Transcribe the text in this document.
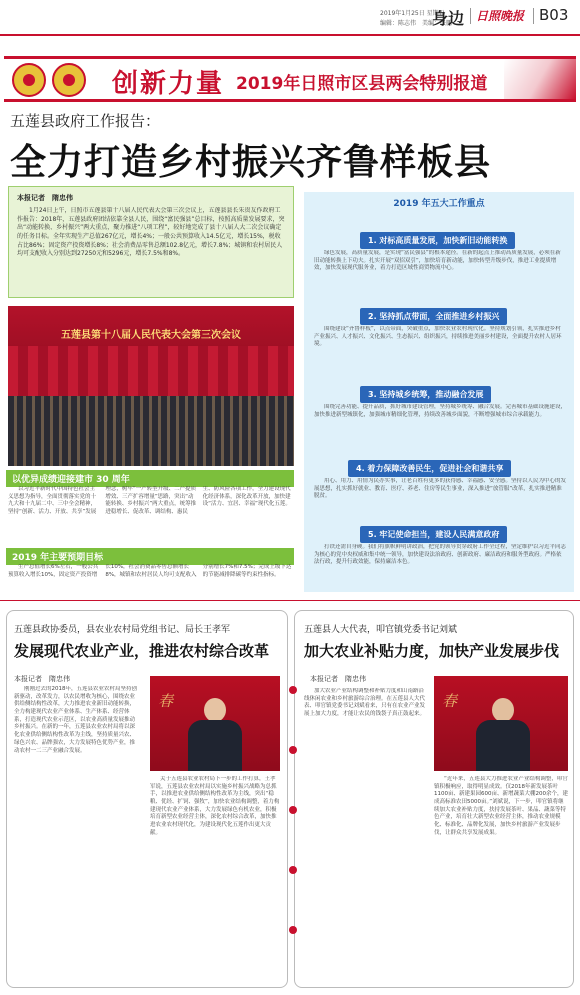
2019年1月25日 星期五
编辑：陈志伟　美编：张鹏
身边 日照晚报 B03
创新力量 2019年日照市区县两会特别报道
五莲县政府工作报告：
全力打造乡村振兴齐鲁样板县
本报记者　隋忠伟
1月24日上午，日照市五莲县第十八届人民代表大会第三次会议上，五莲县县长朱贵友作政府工作报告：2018年，五莲县政府团结依靠全县人民，围绕“富民强县”总目标，按照高质量发展要求，突出“动能转换、乡村振兴”两大重点，聚力推进“八项工程”，较好地完成了县十八届人大二次会议确定的任务目标。全年实现生产总值267亿元，增长4%；一般公共预算收入14.5亿元，增长15%，税收占比86%；固定资产投资增长8%；社会消费品零售总额102.8亿元，增长7.8%；城镇和农村居民人均可支配收入分别达到27250元和5296元，增长7.5%和8%。
五莲县第十八届人民代表大会第三次会议
以优异成绩迎接建市 30 周年
以习近平新时代中国特色社会主义思想为指导，全面贯彻落实党的十九大和十九届二中、三中全会精神，坚持“创新、活力、开放、共享”发展理念，树牢“一产转型升级、二产提质增效、三产扩容增量”思路，突出“动能转换、乡村振兴”两大重点，统筹推进稳增长、促改革、调结构、惠民生、防风险各项工作，全力建设现代化经济体系，深化改革开放，加快建设“活力、宜居、幸福”现代化五莲。
2019 年主要预期目标
生产总值增长6%左右，一般公共预算收入增长10%，固定资产投资增长10%，社会消费品零售总额增长8%，城镇和农村居民人均可支配收入分别增长7%和7.5%；完成上级下达的节能减排降碳等约束性指标。
2019 年五大工作重点
1. 对标高质量发展，加快新旧动能转换
绿色发展，高质量发展，是实现“富民强县”的根本途径。在新的起点上推动高质量发展，必须在新旧动能转换上下功夫。扎实开展“双招双引”，加快培育新动能，加快转型升级步伐，推进工业提质增效，加快发展现代服务业，着力打造区域性商贸物流中心。
2. 坚持抓点带面，全面推进乡村振兴
围绕建设“齐鲁样板”，以点带面，突破重点，加快农业农村现代化。坚持规划引领，扎实推进乡村产业振兴、人才振兴、文化振兴、生态振兴、组织振兴，持续推进美丽乡村建设，全面提升农村人居环境。
3. 坚持城乡统筹，推动融合发展
围绕完善功能、提升品质，抓好城市建设管理，坚持城乡统筹、融合发展。完善城市基础设施建设，加快推进新型城镇化，加强城市精细化管理，持续改善城乡面貌，不断增强城市综合承载能力。
4. 着力保障改善民生，促进社会和谐共享
用心、用力、用情为民办实事，让老百姓有更多的获得感、幸福感、安全感。坚持以人民为中心的发展思想，扎实抓好就业、教育、医疗、养老、住房等民生事业，深入推进“放管服”改革，扎实推进精准脱贫。
5. 牢记使命担当，建设人民满意政府
打铁还需自身硬。我们将旗帜鲜明讲政治，把党的领导贯穿政府工作全过程，坚定维护以习近平同志为核心的党中央权威和集中统一领导，加快建设法治政府、创新政府、廉洁政府和服务型政府。严格依法行政，提升行政效能，保持廉洁本色。
五莲县政协委员，县农业农村局党组书记、局长王孝军
发展现代农业产业，推进农村综合改革
本报记者　隋忠伟
刚刚过去的2018年，五莲县农业农村局坚持创新驱动，改革发力，以农民增收为核心，围绕农业供给侧结构性改革，大力推进农业新旧动能转换，全力构建现代农业产业体系、生产体系、经营体系，打造现代农业示范区，以农业高质量发展推动乡村振兴。在新的一年，五莲县农业农村局将以深化农业供给侧结构性改革为主线，坚持质量兴农、绿色兴农、品牌强农，大力发展特色优势产业，推动农村一二三产业融合发展。
春
关于五莲县农业农村局下一步的工作打算，王孝军说，五莲县农业农村局以实施乡村振兴战略为总抓手，以推进农业供给侧结构性改革为主线，突出“稳粮、优经、扩饲、强牧”，加快农业结构调整，着力构建现代农业产业体系，大力发展绿色有机农业，积极培育新型农业经营主体，深化农村综合改革，加快推进农业农村现代化，为建设现代化五莲作出更大贡献。
五莲县人大代表，叩官镇党委书记刘斌
加大农业补贴力度，加快产业发展步伐
本报记者　隋忠伟
春
加大农业产业结构调整和补贴力度和山南路沿线休闲农业和乡村旅游综合治理。在五莲县人大代表、叩官镇党委书记刘斌看来，只有在农业产业发展上加大力度，才能让农民的钱袋子真正鼓起来。
“近年来，五莲县大力推进农业产业结构调整，叩官镇积极响应，取得明显成效。仅2018年新发展茶叶1100亩、新建果园600亩、新增蔬菜大棚200余个，建成高标准农田5000亩。”刘斌说，下一步，叩官镇将继续加大农业补贴力度，扶持发展茶叶、果品、蔬菜等特色产业，培育壮大新型农业经营主体，推动农业规模化、标准化、品牌化发展，加快乡村旅游产业发展步伐，让群众共享发展成果。
